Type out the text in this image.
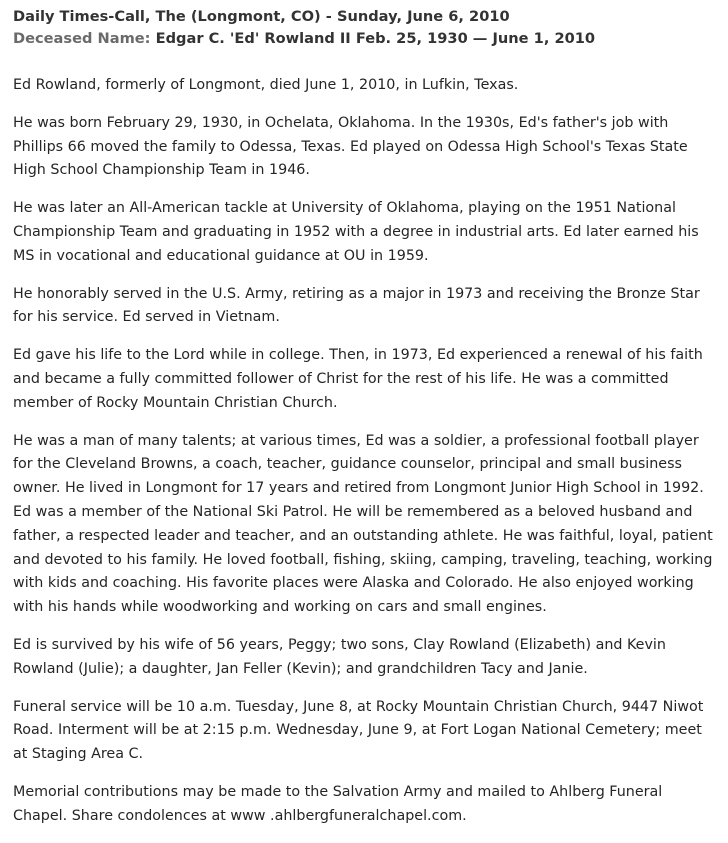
Daily Times-Call, The (Longmont, CO) - Sunday, June 6, 2010
Deceased Name: Edgar C. 'Ed' Rowland II Feb. 25, 1930 — June 1, 2010

Ed Rowland, formerly of Longmont, died June 1, 2010, in Lufkin, Texas.

He was born February 29, 1930, in Ochelata, Oklahoma. In the 1930s, Ed's father's job with Phillips 66 moved the family to Odessa, Texas. Ed played on Odessa High School's Texas State High School Championship Team in 1946.

He was later an All-American tackle at University of Oklahoma, playing on the 1951 National Championship Team and graduating in 1952 with a degree in industrial arts. Ed later earned his MS in vocational and educational guidance at OU in 1959.

He honorably served in the U.S. Army, retiring as a major in 1973 and receiving the Bronze Star for his service. Ed served in Vietnam.

Ed gave his life to the Lord while in college. Then, in 1973, Ed experienced a renewal of his faith and became a fully committed follower of Christ for the rest of his life. He was a committed member of Rocky Mountain Christian Church.

He was a man of many talents; at various times, Ed was a soldier, a professional football player for the Cleveland Browns, a coach, teacher, guidance counselor, principal and small business owner. He lived in Longmont for 17 years and retired from Longmont Junior High School in 1992. Ed was a member of the National Ski Patrol. He will be remembered as a beloved husband and father, a respected leader and teacher, and an outstanding athlete. He was faithful, loyal, patient and devoted to his family. He loved football, fishing, skiing, camping, traveling, teaching, working with kids and coaching. His favorite places were Alaska and Colorado. He also enjoyed working with his hands while woodworking and working on cars and small engines.

Ed is survived by his wife of 56 years, Peggy; two sons, Clay Rowland (Elizabeth) and Kevin Rowland (Julie); a daughter, Jan Feller (Kevin); and grandchildren Tacy and Janie.

Funeral service will be 10 a.m. Tuesday, June 8, at Rocky Mountain Christian Church, 9447 Niwot Road. Interment will be at 2:15 p.m. Wednesday, June 9, at Fort Logan National Cemetery; meet at Staging Area C.

Memorial contributions may be made to the Salvation Army and mailed to Ahlberg Funeral Chapel. Share condolences at www .ahlbergfuneralchapel.com.
